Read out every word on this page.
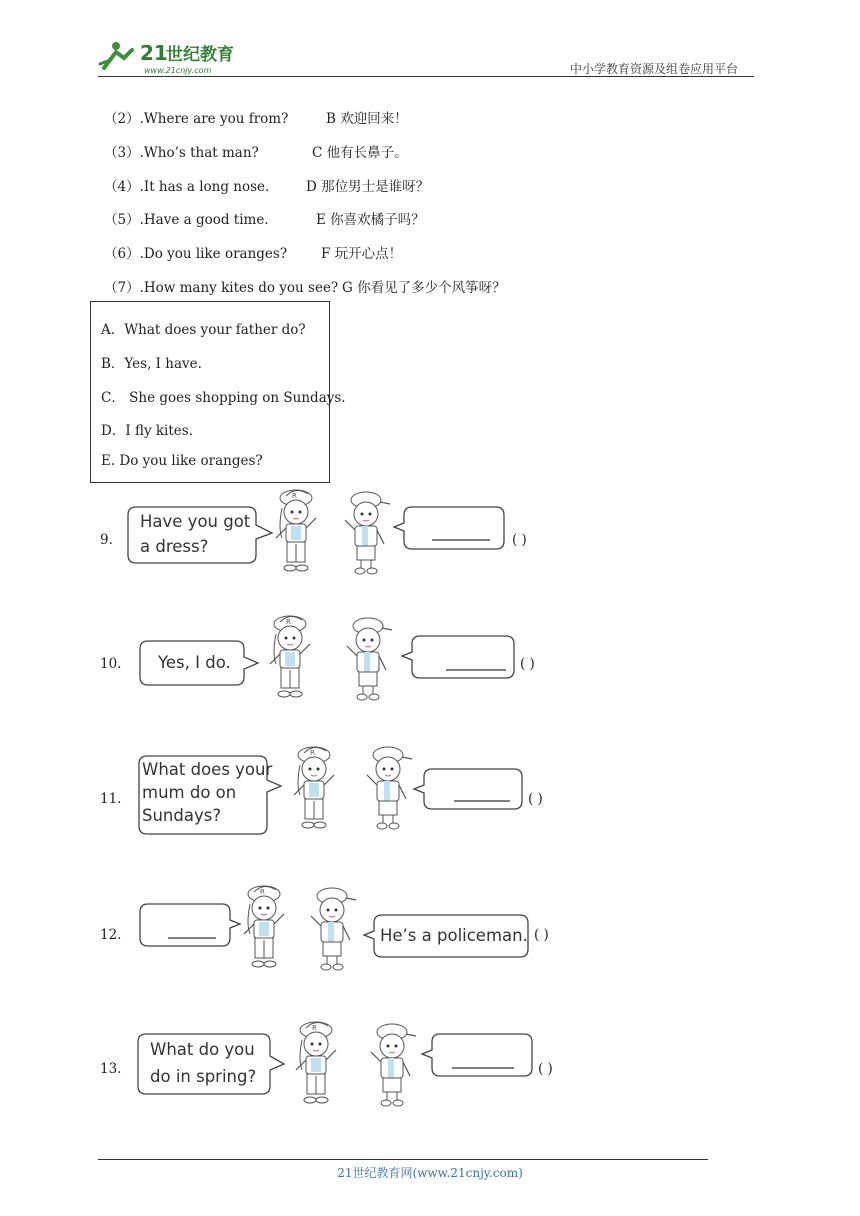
21
世纪教育
www.21cnjy.com	中小学教育资源及组卷应用平台
（2）.Where are you from?	B 欢迎回来！
（3）.Who’s that man?	C 他有长鼻子。
（4）.It has a long nose.	D 那位男士是谁呀？
（5）.Have a good time.	E 你喜欢橘子吗？
（6）.Do you like oranges?	F 玩开心点！
（7）.How many kites do you see? G 你看见了多少个风筝呀？
A．What does your father do?
B．Yes, I have.
C． She goes shopping on Sundays.
D．I fly kites.
E. Do you like oranges?
9.
Have you got
a dress?	( )
10. Yes, I do.	( )
11.
What does your
mum do on
Sundays?
( )
12.	He’s a policeman. ( )
13.
What do you
do in spring?	( )
21世纪教育网(www.21cnjy.com)
